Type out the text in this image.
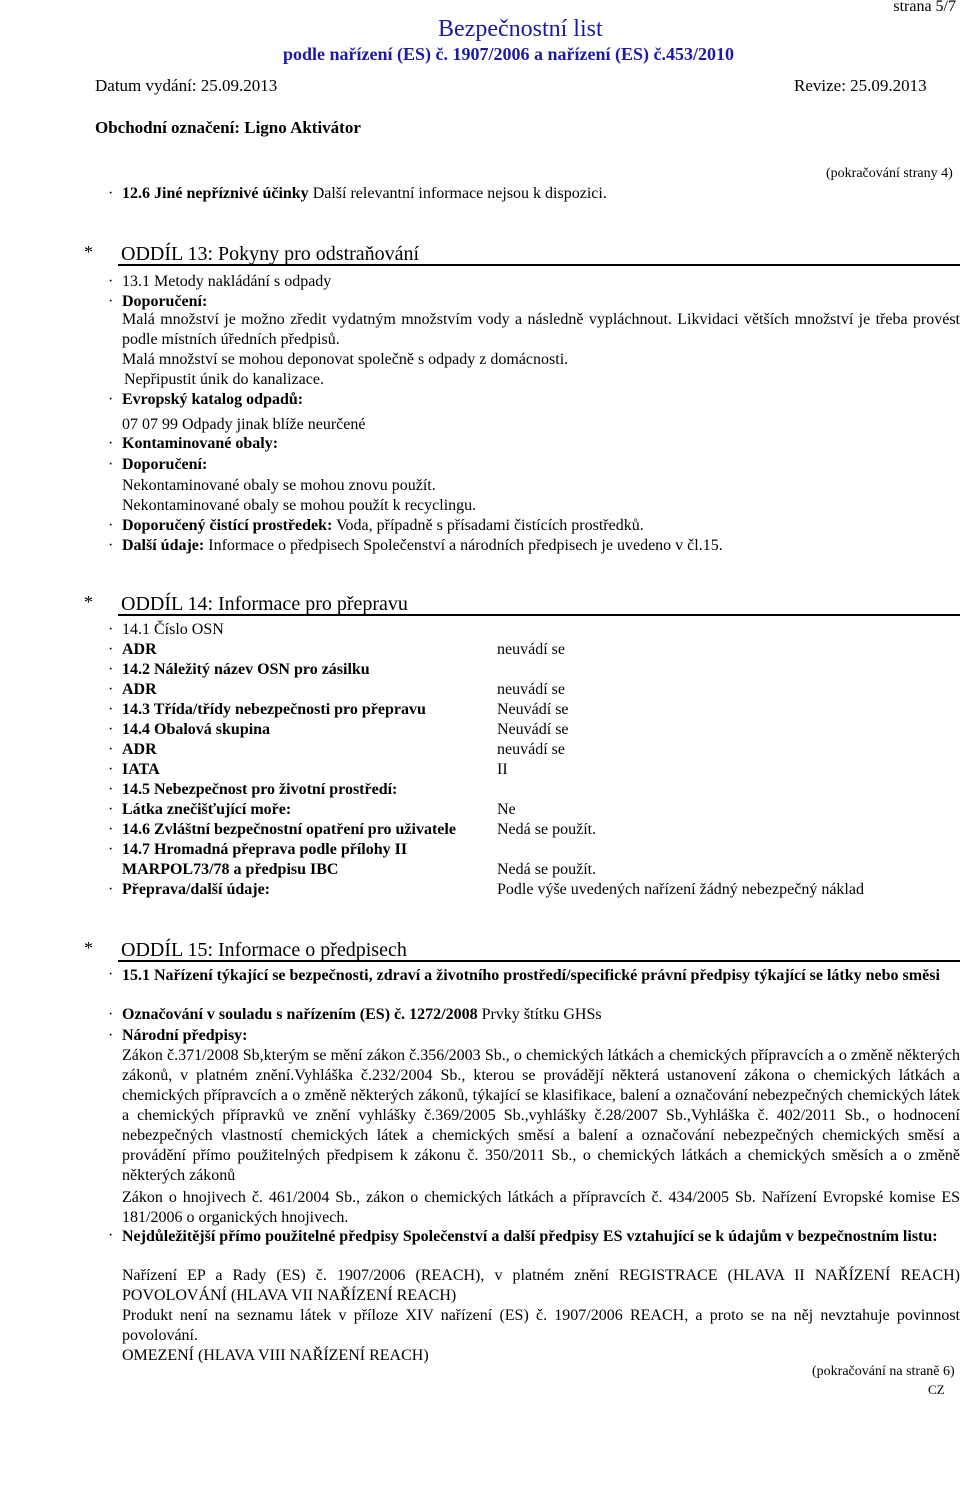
strana 5/7
Bezpečnostní list
podle nařízení (ES) č. 1907/2006 a nařízení (ES) č.453/2010
Datum vydání: 25.09.2013	Revize: 25.09.2013
Obchodní označení: Ligno Aktivátor
(pokračování strany 4)
· 12.6 Jiné nepříznivé účinky Další relevantní informace nejsou k dispozici.
* ODDÍL 13: Pokyny pro odstraňování
· 13.1 Metody nakládání s odpady
· Doporučení:
Malá množství je možno zředit vydatným množstvím vody a následně vypláchnout. Likvidaci větších množství je třeba provést podle místních úředních předpisů.
Malá množství se mohou deponovat společně s odpady z domácnosti.
Nepřipustit únik do kanalizace.
· Evropský katalog odpadů:
07 07 99 Odpady jinak blíže neurčené
· Kontaminované obaly:
· Doporučení:
Nekontaminované obaly se mohou znovu použít.
Nekontaminované obaly se mohou použít k recyclingu.
· Doporučený čistící prostředek: Voda, případně s přísadami čistících prostředků.
· Další údaje: Informace o předpisech Společenství a národních předpisech je uvedeno v čl.15.
* ODDÍL 14: Informace pro přepravu
· 14.1 Číslo OSN
· ADR	neuvádí se
· 14.2 Náležitý název OSN pro zásilku
· ADR	neuvádí se
· 14.3 Třída/třídy nebezpečnosti pro přepravu	Neuvádí se
· 14.4 Obalová skupina	Neuvádí se
· ADR	neuvádí se
· IATA	II
· 14.5 Nebezpečnost pro životní prostředí:
· Látka znečišťující moře:	Ne
· 14.6 Zvláštní bezpečnostní opatření pro uživatele	Nedá se použít.
· 14.7 Hromadná přeprava podle přílohy II
MARPOL73/78 a předpisu IBC	Nedá se použít.
· Přeprava/další údaje:	Podle výše uvedených nařízení žádný nebezpečný náklad
* ODDÍL 15: Informace o předpisech
· 15.1 Nařízení týkající se bezpečnosti, zdraví a životního prostředí/specifické právní předpisy týkající se látky nebo směsi
· Označování v souladu s nařízením (ES) č. 1272/2008 Prvky štítku GHSs
· Národní předpisy:
Zákon č.371/2008 Sb,kterým se mění zákon č.356/2003 Sb., o chemických látkách a chemických přípravcích a o změně některých zákonů, v platném znění.Vyhláška č.232/2004 Sb., kterou se provádějí některá ustanovení zákona o chemických látkách a chemických přípravcích a o změně některých zákonů, týkající se klasifikace, balení a označování nebezpečných chemických látek a chemických přípravků ve znění vyhlášky č.369/2005 Sb.,vyhlášky č.28/2007 Sb.,Vyhláška č. 402/2011 Sb., o hodnocení nebezpečných vlastností chemických látek a chemických směsí a balení a označování nebezpečných chemických směsí a provádění přímo použitelných předpisem k zákonu č. 350/2011 Sb., o chemických látkách a chemických směsích a o změně některých zákonů
Zákon o hnojivech č. 461/2004 Sb., zákon o chemických látkách a přípravcích č. 434/2005 Sb. Nařízení Evropské komise ES 181/2006 o organických hnojivech.
· Nejdůležitější přímo použitelné předpisy Společenství a další předpisy ES vztahující se k údajům v bezpečnostním listu:
Nařízení EP a Rady (ES) č. 1907/2006 (REACH), v platném znění REGISTRACE (HLAVA II NAŘÍZENÍ REACH) POVOLOVÁNÍ (HLAVA VII NAŘÍZENÍ REACH)
Produkt není na seznamu látek v příloze XIV nařízení (ES) č. 1907/2006 REACH, a proto se na něj nevztahuje povinnost povolování.
OMEZENÍ (HLAVA VIII NAŘÍZENÍ REACH)
(pokračování na straně 6)
CZ
